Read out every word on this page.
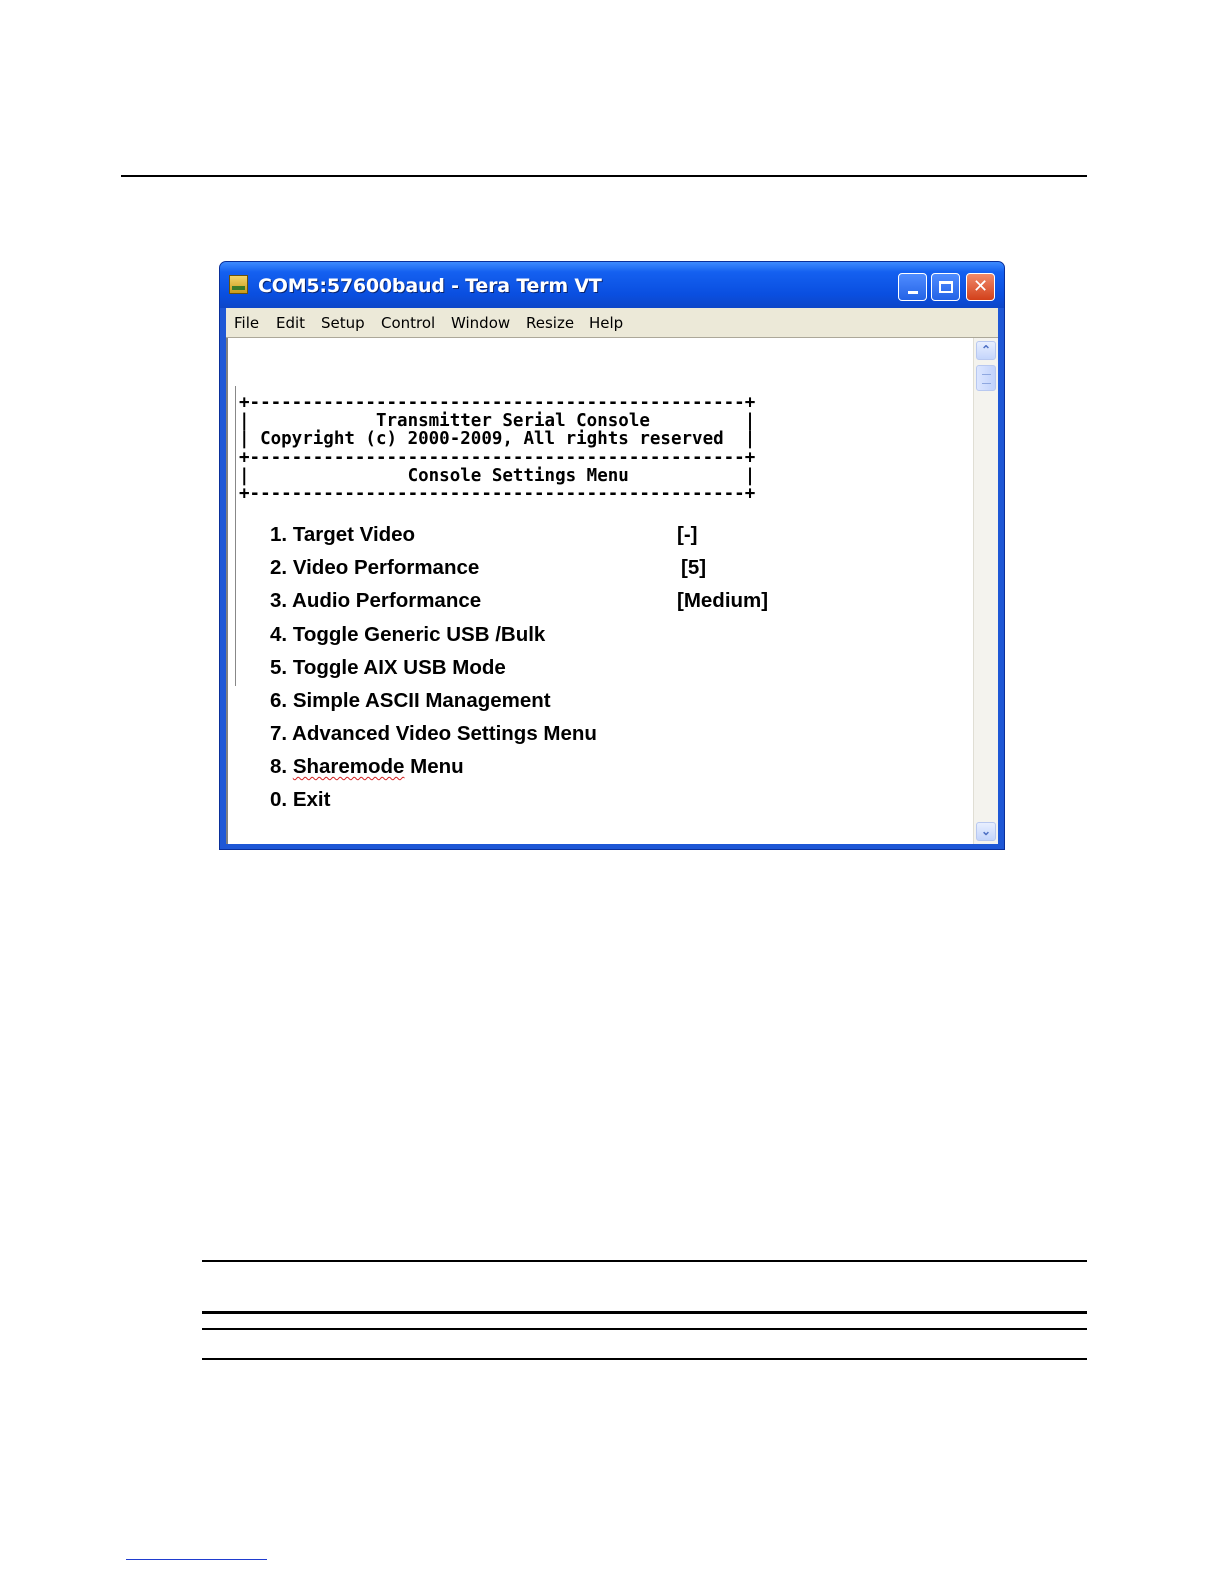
COM5:57600baud - Tera Term VT	✕
File Edit Setup Control Window Resize Help
+-----------------------------------------------+
|            Transmitter Serial Console         |
| Copyright (c) 2000-2009, All rights reserved  |
+-----------------------------------------------+
|               Console Settings Menu           |
+-----------------------------------------------+
1. Target Video	[-]
2. Video Performance	[5]
3. Audio Performance	[Medium]
4. Toggle Generic USB /Bulk
5. Toggle AIX USB Mode
6. Simple ASCII Management
7. Advanced Video Settings Menu
8. Sharemode Menu
0. Exit
⌃
⌄
